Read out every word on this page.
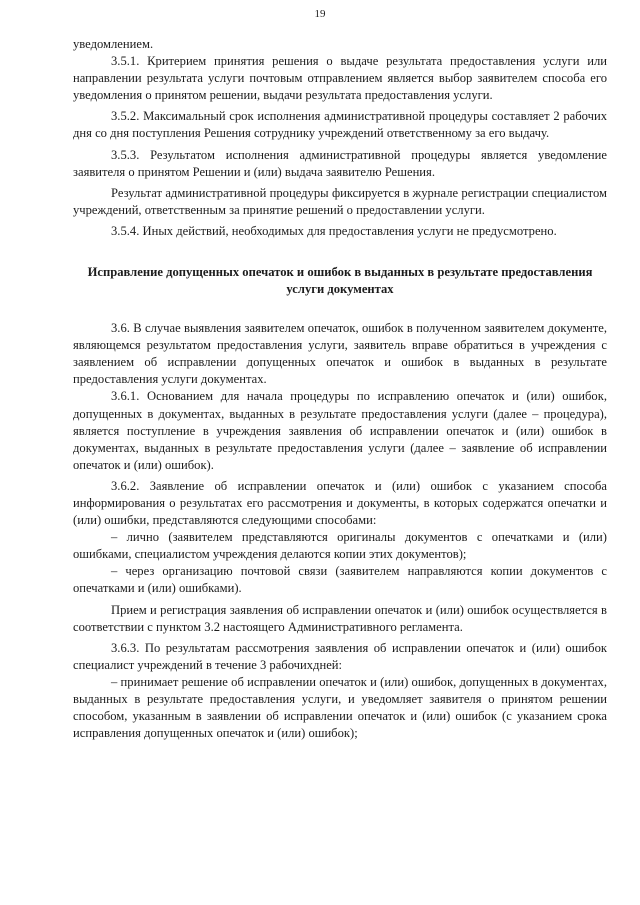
19

уведомлением.

3.5.1. Критерием принятия решения о выдаче результата предоставления услуги или направлении результата услуги почтовым отправлением является выбор заявителем способа его уведомления о принятом решении, выдачи результата предоставления услуги.

3.5.2. Максимальный срок исполнения административной процедуры составляет 2 рабочих дня со дня поступления Решения сотруднику учреждений ответственному за его выдачу.

3.5.3. Результатом исполнения административной процедуры является уведомление заявителя о принятом Решении и (или) выдача заявителю Решения.

Результат административной процедуры фиксируется в журнале регистрации специалистом учреждений, ответственным за принятие решений о предоставлении услуги.

3.5.4. Иных действий, необходимых для предоставления услуги не предусмотрено.

Исправление допущенных опечаток и ошибок в выданных в результате предоставления услуги документах

3.6. В случае выявления заявителем опечаток, ошибок в полученном заявителем документе, являющемся результатом предоставления услуги, заявитель вправе обратиться в учреждения с заявлением об исправлении допущенных опечаток и ошибок в выданных в результате предоставления услуги документах.

3.6.1. Основанием для начала процедуры по исправлению опечаток и (или) ошибок, допущенных в документах, выданных в результате предоставления услуги (далее – процедура), является поступление в учреждения заявления об исправлении опечаток и (или) ошибок в документах, выданных в результате предоставления услуги (далее – заявление об исправлении опечаток и (или) ошибок).

3.6.2. Заявление об исправлении опечаток и (или) ошибок с указанием способа информирования о результатах его рассмотрения и документы, в которых содержатся опечатки и (или) ошибки, представляются следующими способами:

– лично (заявителем представляются оригиналы документов с опечатками и (или) ошибками, специалистом учреждения делаются копии этих документов);

– через организацию почтовой связи (заявителем направляются копии документов с опечатками и (или) ошибками).

Прием и регистрация заявления об исправлении опечаток и (или) ошибок осуществляется в соответствии с пунктом 3.2 настоящего Административного регламента.

3.6.3. По результатам рассмотрения заявления об исправлении опечаток и (или) ошибок специалист учреждений в течение 3 рабочихдней:

– принимает решение об исправлении опечаток и (или) ошибок, допущенных в документах, выданных в результате предоставления услуги, и уведомляет заявителя о принятом решении способом, указанным в заявлении об исправлении опечаток и (или) ошибок (с указанием срока исправления допущенных опечаток и (или) ошибок);
